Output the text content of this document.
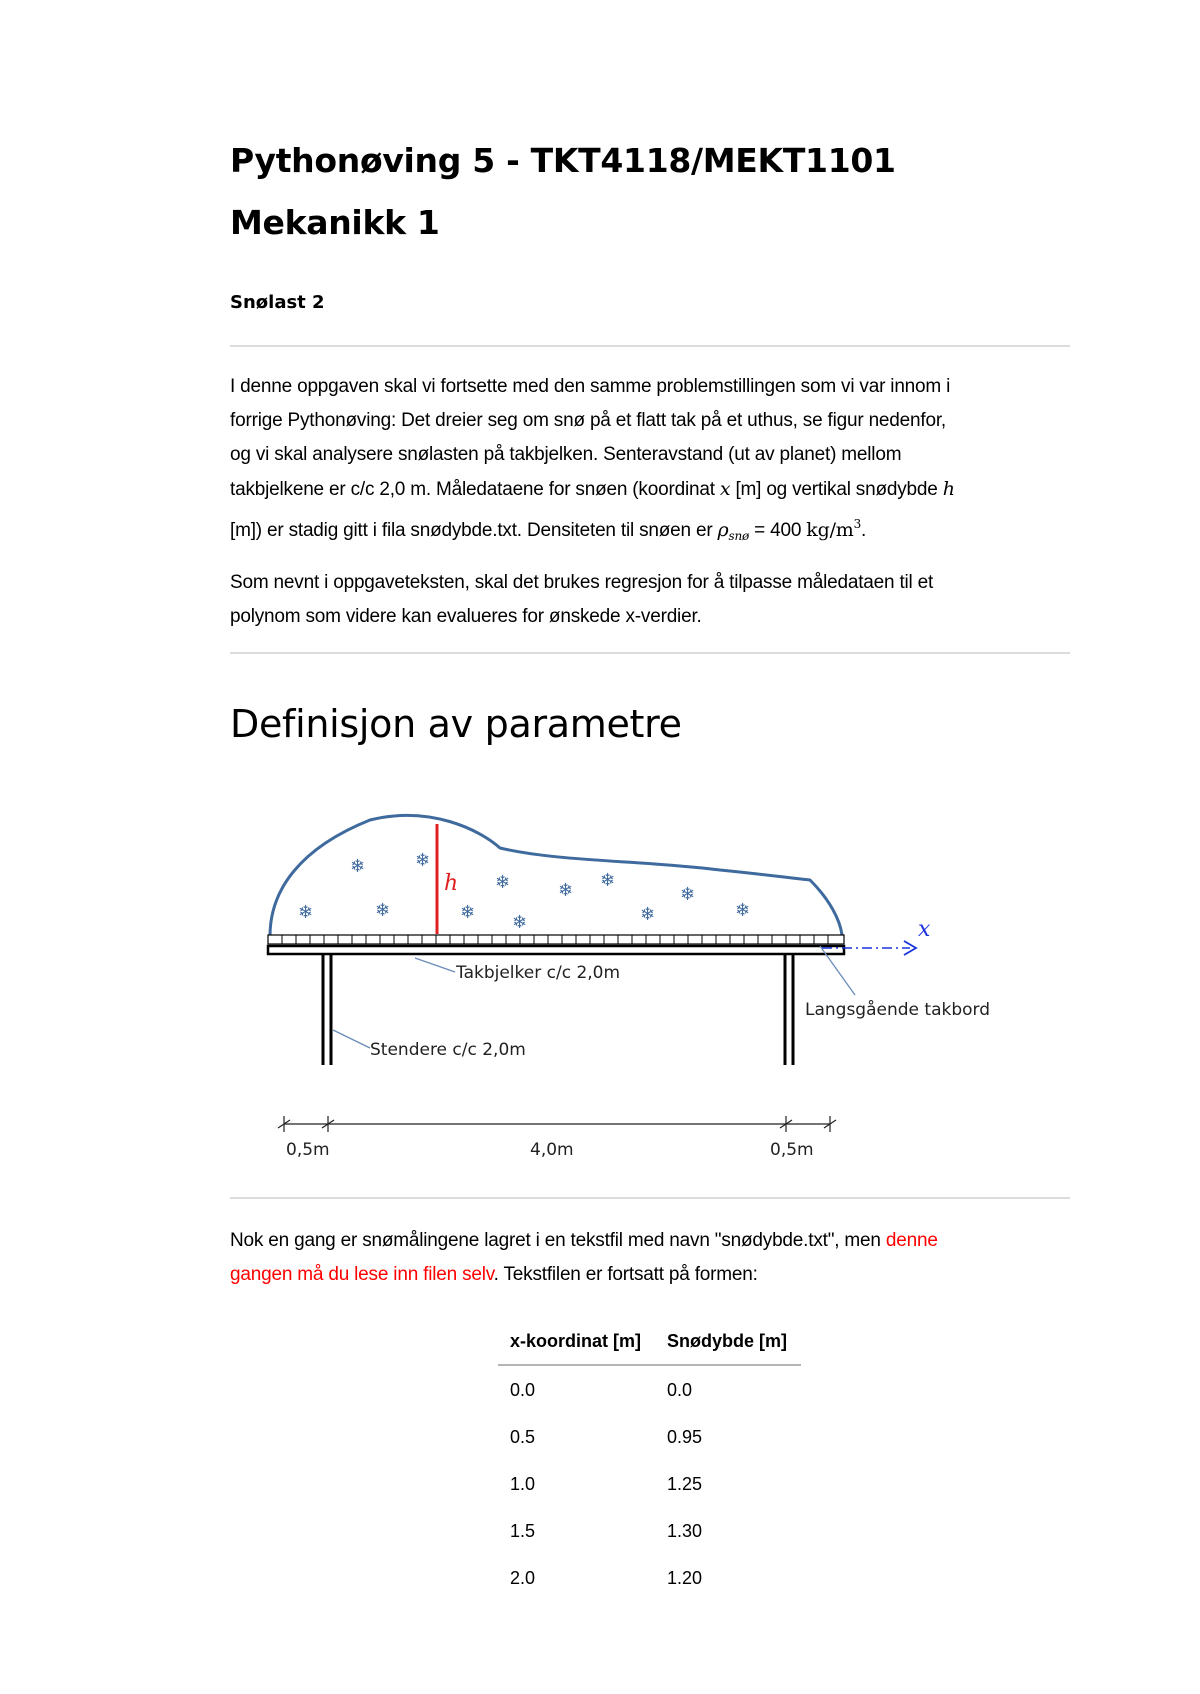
Pythonøving 5 - TKT4118/MEKT1101
Mekanikk 1
Snølast 2
I denne oppgaven skal vi fortsette med den samme problemstillingen som vi var innom i
forrige Pythonøving: Det dreier seg om snø på et flatt tak på et uthus, se figur nedenfor,
og vi skal analysere snølasten på takbjelken. Senteravstand (ut av planet) mellom
takbjelkene er c/c 2,0 m. Måledataene for snøen (koordinat x [m] og vertikal snødybde h
[m]) er stadig gitt i fila snødybde.txt. Densiteten til snøen er $\rho_{snø} = 400$ $kg/m^3$.
Som nevnt i oppgaveteksten, skal det brukes regresjon for å tilpasse måledataen til et
polynom som videre kan evalueres for ønskede x-verdier.
Definisjon av parametre
h
❄
❄
❄
❄
❄
❄
❄
❄ ❄
❄
❄
❄
x
Takbjelker c/c 2,0m
Stendere c/c 2,0m
Langsgående takbord
0,5m	4,0m	0,5m
Nok en gang er snømålingene lagret i en tekstfil med navn "snødybde.txt", men denne
gangen må du lese inn filen selv. Tekstfilen er fortsatt på formen:
x-koordinat [m]	Snødybde [m]
0.0	0.0
0.5	0.95
1.0	1.25
1.5	1.30
2.0	1.20
